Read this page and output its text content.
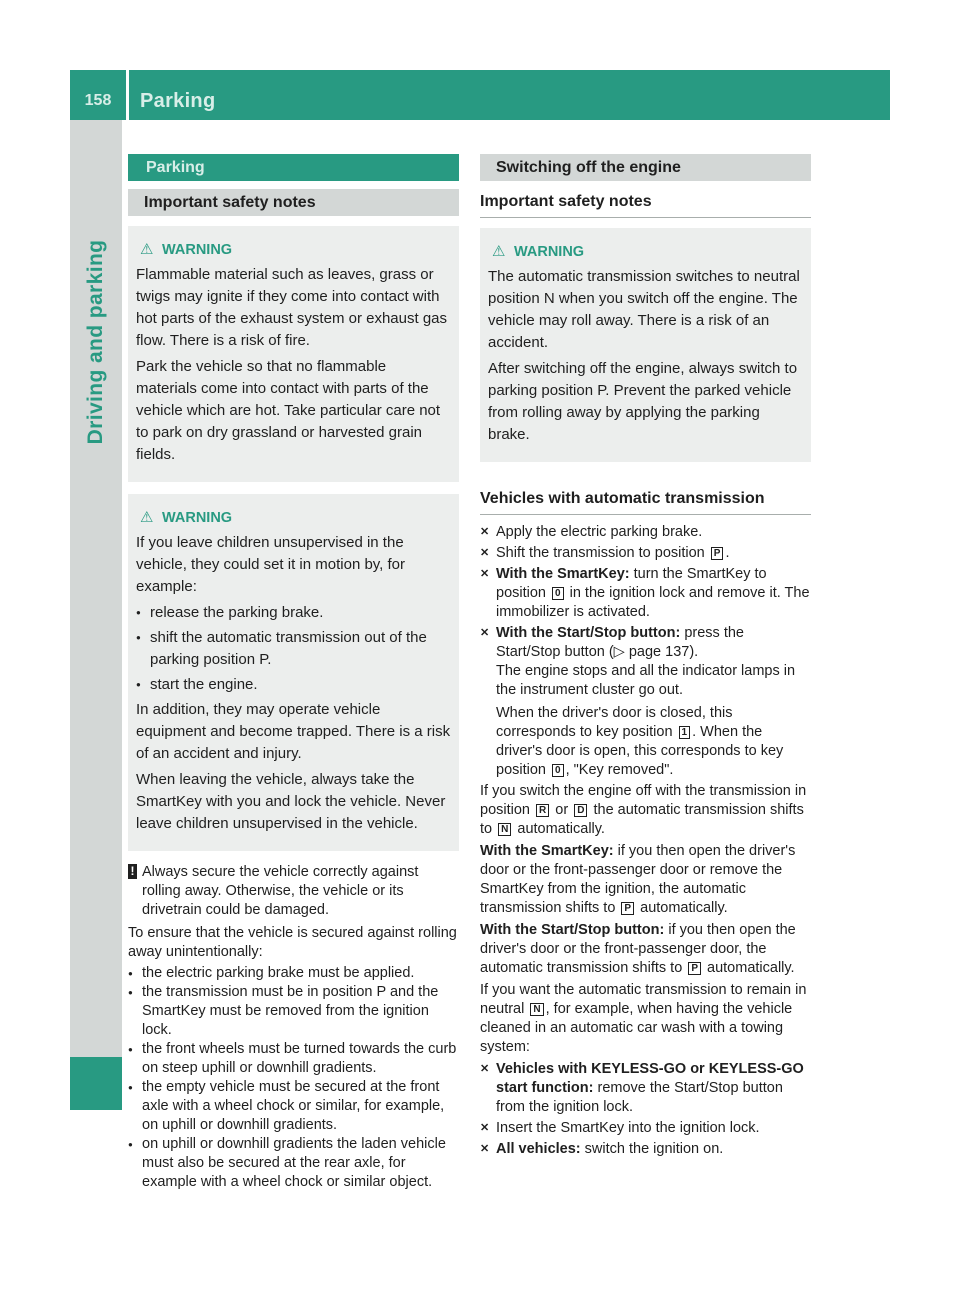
158	Parking
Driving and parking
Parking
Important safety notes
⚠ WARNING

Flammable material such as leaves, grass or twigs may ignite if they come into contact with hot parts of the exhaust system or exhaust gas flow. There is a risk of fire.

Park the vehicle so that no flammable materials come into contact with parts of the vehicle which are hot. Take particular care not to park on dry grassland or harvested grain fields.

⚠ WARNING

If you leave children unsupervised in the vehicle, they could set it in motion by, for example:

● release the parking brake.
● shift the automatic transmission out of the parking position P.
● start the engine.

In addition, they may operate vehicle equipment and become trapped. There is a risk of an accident and injury.

When leaving the vehicle, always take the SmartKey with you and lock the vehicle. Never leave children unsupervised in the vehicle.

! Always secure the vehicle correctly against rolling away. Otherwise, the vehicle or its drivetrain could be damaged.

To ensure that the vehicle is secured against rolling away unintentionally:

● the electric parking brake must be applied.
● the transmission must be in position P and the SmartKey must be removed from the ignition lock.
● the front wheels must be turned towards the curb on steep uphill or downhill gradients.
● the empty vehicle must be secured at the front axle with a wheel chock or similar, for example, on uphill or downhill gradients.
● on uphill or downhill gradients the laden vehicle must also be secured at the rear axle, for example with a wheel chock or similar object.
Switching off the engine
Important safety notes
⚠ WARNING

The automatic transmission switches to neutral position N when you switch off the engine. The vehicle may roll away. There is a risk of an accident.

After switching off the engine, always switch to parking position P. Prevent the parked vehicle from rolling away by applying the parking brake.

Vehicles with automatic transmission
✕ Apply the electric parking brake.
✕ Shift the transmission to position P .
✕ With the SmartKey: turn the SmartKey to position 0 in the ignition lock and remove it. The immobilizer is activated.
✕ With the Start/Stop button: press the Start/Stop button (▷ page 137).
The engine stops and all the indicator lamps in the instrument cluster go out.
When the driver's door is closed, this corresponds to key position 1 . When the driver's door is open, this corresponds to key position 0 , "Key removed".

If you switch the engine off with the transmission in position R or D the automatic transmission shifts to N automatically.

With the SmartKey: if you then open the driver's door or the front-passenger door or remove the SmartKey from the ignition, the automatic transmission shifts to P automatically.

With the Start/Stop button: if you then open the driver's door or the front-passenger door, the automatic transmission shifts to P automatically.

If you want the automatic transmission to remain in neutral N , for example, when having the vehicle cleaned in an automatic car wash with a towing system:

✕ Vehicles with KEYLESS-GO or KEYLESS-GO start function: remove the Start/Stop button from the ignition lock.
✕ Insert the SmartKey into the ignition lock.
✕ All vehicles: switch the ignition on.
